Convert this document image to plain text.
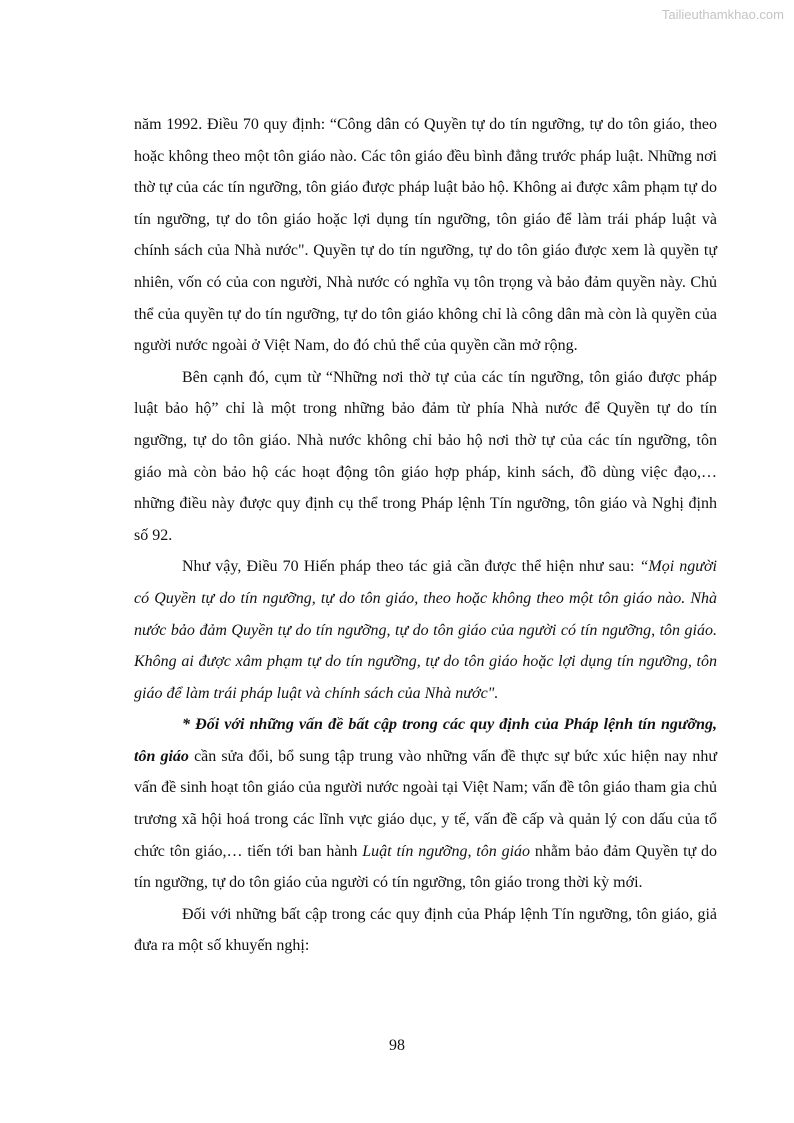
Tailieuthamkhao.com

năm 1992. Điều 70 quy định: “Công dân có Quyền tự do tín ngưỡng, tự do tôn giáo, theo hoặc không theo một tôn giáo nào. Các tôn giáo đều bình đẳng trước pháp luật. Những nơi thờ tự của các tín ngưỡng, tôn giáo được pháp luật bảo hộ. Không ai được xâm phạm tự do tín ngưỡng, tự do tôn giáo hoặc lợi dụng tín ngưỡng, tôn giáo để làm trái pháp luật và chính sách của Nhà nước". Quyền tự do tín ngưỡng, tự do tôn giáo được xem là quyền tự nhiên, vốn có của con người, Nhà nước có nghĩa vụ tôn trọng và bảo đảm quyền này. Chủ thể của quyền tự do tín ngưỡng, tự do tôn giáo không chỉ là công dân mà còn là quyền của người nước ngoài ở Việt Nam, do đó chủ thể của quyền cần mở rộng.

Bên cạnh đó, cụm từ “Những nơi thờ tự của các tín ngưỡng, tôn giáo được pháp luật bảo hộ” chỉ là một trong những bảo đảm từ phía Nhà nước để Quyền tự do tín ngưỡng, tự do tôn giáo. Nhà nước không chỉ bảo hộ nơi thờ tự của các tín ngưỡng, tôn giáo mà còn bảo hộ các hoạt động tôn giáo hợp pháp, kinh sách, đồ dùng việc đạo,… những điều này được quy định cụ thể trong Pháp lệnh Tín ngưỡng, tôn giáo và Nghị định số 92.

Như vậy, Điều 70 Hiến pháp theo tác giả cần được thể hiện như sau: “Mọi người có Quyền tự do tín ngưỡng, tự do tôn giáo, theo hoặc không theo một tôn giáo nào. Nhà nước bảo đảm Quyền tự do tín ngưỡng, tự do tôn giáo của người có tín ngưỡng, tôn giáo. Không ai được xâm phạm tự do tín ngưỡng, tự do tôn giáo hoặc lợi dụng tín ngưỡng, tôn giáo để làm trái pháp luật và chính sách của Nhà nước".

* Đối với những vấn đề bất cập trong các quy định của Pháp lệnh tín ngưỡng, tôn giáo cần sửa đổi, bổ sung tập trung vào những vấn đề thực sự bức xúc hiện nay như vấn đề sinh hoạt tôn giáo của người nước ngoài tại Việt Nam; vấn đề tôn giáo tham gia chủ trương xã hội hoá trong các lĩnh vực giáo dục, y tế, vấn đề cấp và quản lý con dấu của tổ chức tôn giáo,… tiến tới ban hành Luật tín ngưỡng, tôn giáo nhằm bảo đảm Quyền tự do tín ngưỡng, tự do tôn giáo của người có tín ngưỡng, tôn giáo trong thời kỳ mới.

Đối với những bất cập trong các quy định của Pháp lệnh Tín ngưỡng, tôn giáo, giả đưa ra một số khuyến nghị:

98
